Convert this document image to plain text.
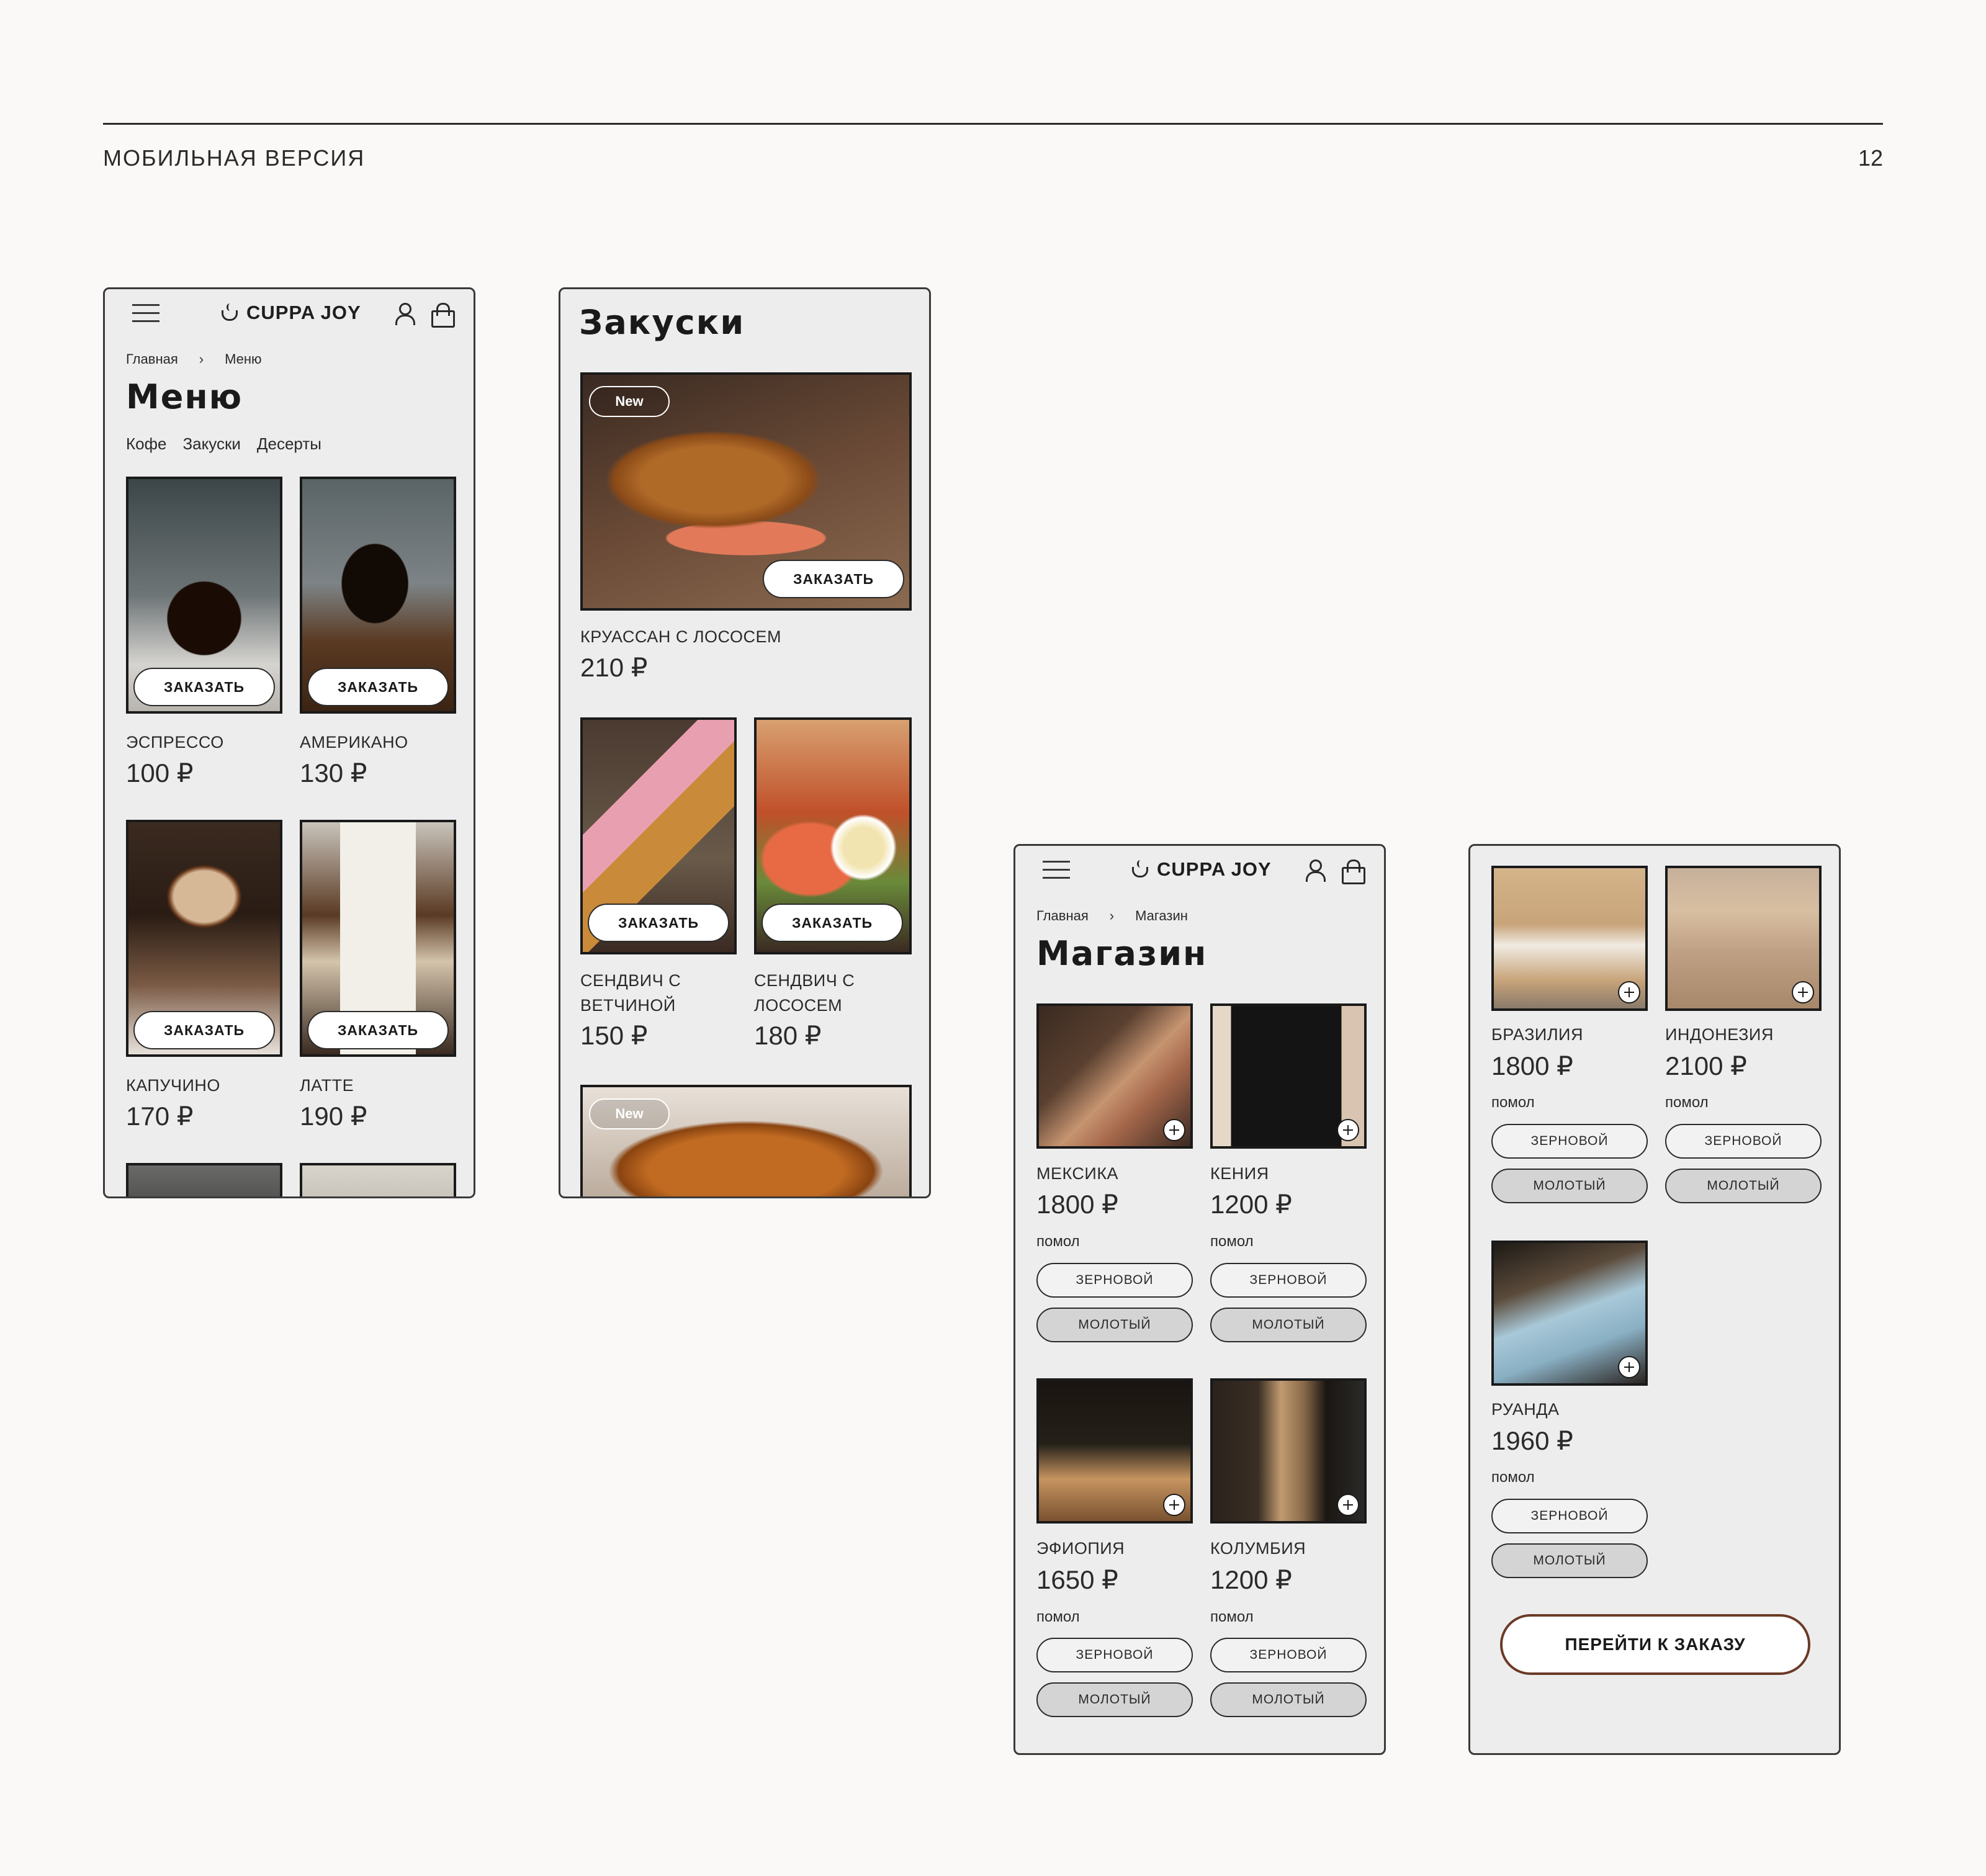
МОБИЛЬНАЯ ВЕРСИЯ	12
CUPPA JOY
Главная › Меню
Меню
Кофе Закуски Десерты
ЗАКАЗАТЬ	ЗАКАЗАТЬ
ЭСПРЕССО	АМЕРИКАНО
100 ₽	130 ₽
ЗАКАЗАТЬ	ЗАКАЗАТЬ
КАПУЧИНО	ЛАТТЕ
170 ₽	190 ₽
Закуски
New
ЗАКАЗАТЬ
КРУАССАН С ЛОСОСЕМ
210 ₽
ЗАКАЗАТЬ	ЗАКАЗАТЬ
СЕНДВИЧ С
ВЕТЧИНОЙ
СЕНДВИЧ С
ЛОСОСЕМ
150 ₽	180 ₽
New
CUPPA JOY
Главная › Магазин
Магазин
МЕКСИКА	КЕНИЯ
1800 ₽	1200 ₽
помол	помол
ЗЕРНОВОЙ	ЗЕРНОВОЙ
МОЛОТЫЙ	МОЛОТЫЙ
ЭФИОПИЯ	КОЛУМБИЯ
1650 ₽	1200 ₽
помол	помол
ЗЕРНОВОЙ	ЗЕРНОВОЙ
МОЛОТЫЙ	МОЛОТЫЙ
БРАЗИЛИЯ	ИНДОНЕЗИЯ
1800 ₽	2100 ₽
помол	помол
ЗЕРНОВОЙ	ЗЕРНОВОЙ
МОЛОТЫЙ	МОЛОТЫЙ
РУАНДА
1960 ₽
помол
ЗЕРНОВОЙ
МОЛОТЫЙ
ПЕРЕЙТИ К ЗАКАЗУ
